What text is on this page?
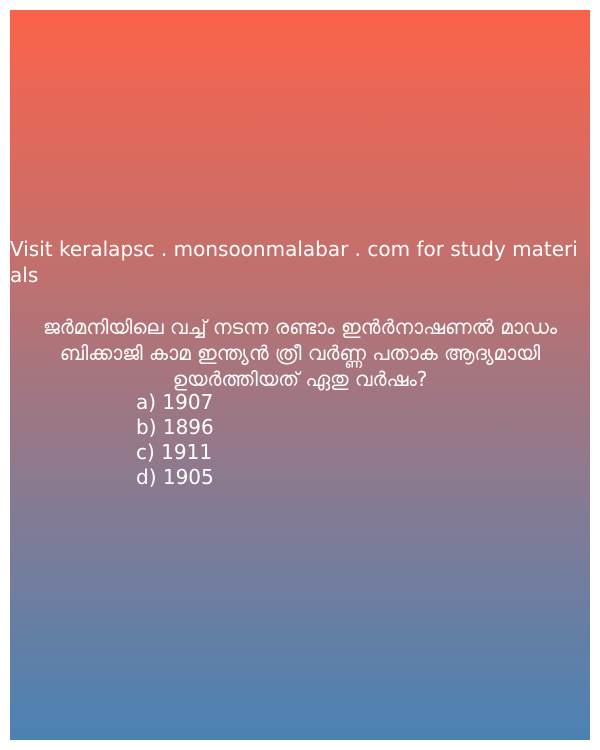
Visit keralapsc . monsoonmalabar . com for study materials

ജർമനിയിലെ വച്ച് നടന്ന രണ്ടാം ഇൻർനാഷണൽ മാഡം ബിക്കാജി കാമ ഇന്ത്യൻ ത്രീ വർണ്ണ പതാക ആദ്യമായി ഉയർത്തിയത് ഏതു വർഷം?

a) 1907
b) 1896
c) 1911
d) 1905
